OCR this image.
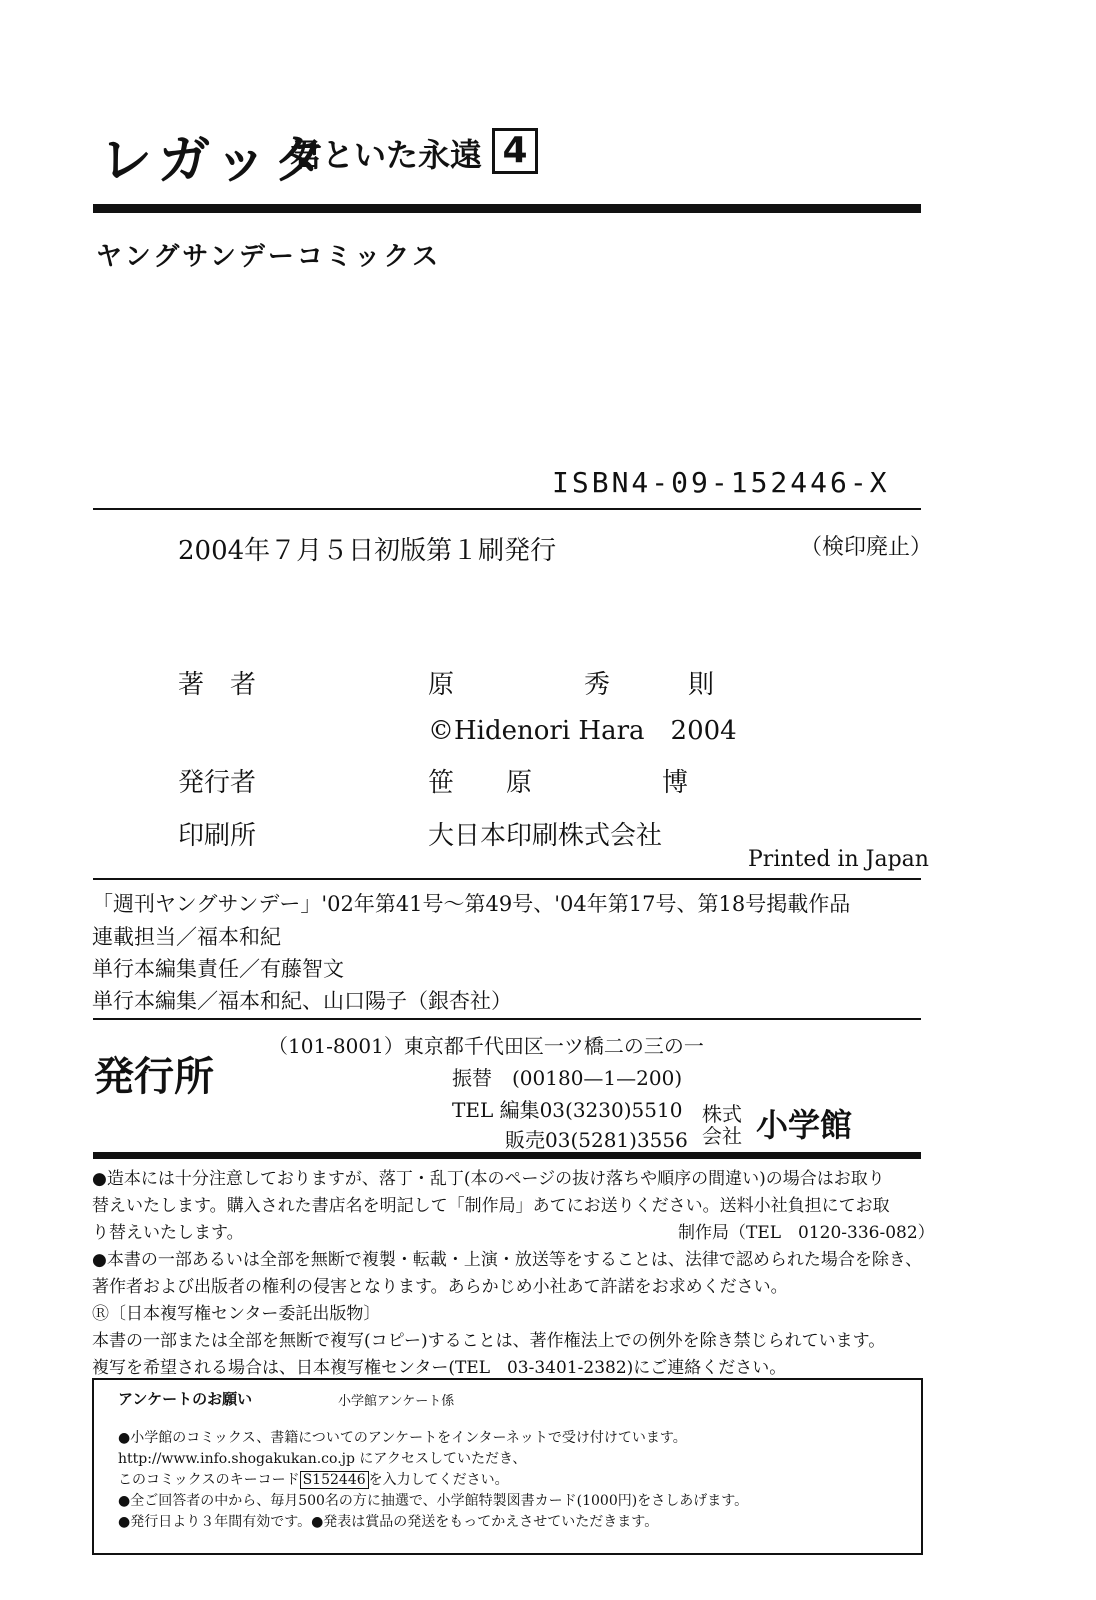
レガッタ
君といた永遠 4
ヤングサンデーコミックス
ISBN4-09-152446-X
2004年７月５日初版第１刷発行	（検印廃止）
著　者	原　　　　　秀　　　則
©Hidenori Hara　2004
発行者	笹　　原　　　　　博
印刷所	大日本印刷株式会社
Printed in Japan
「週刊ヤングサンデー」'02年第41号〜第49号、'04年第17号、第18号掲載作品
連載担当／福本和紀
単行本編集責任／有藤智文
単行本編集／福本和紀、山口陽子（銀杏社）
発行所
（101-8001）東京都千代田区一ツ橋二の三の一
振替　(00180—1—200)
TEL 編集03(3230)5510
販売03(5281)3556
株式
会社 小学館
●造本には十分注意しておりますが、落丁・乱丁(本のページの抜け落ちや順序の間違い)の場合はお取り
替えいたします。購入された書店名を明記して「制作局」あてにお送りください。送料小社負担にてお取
り替えいたします。	制作局（TEL　0120-336-082）
●本書の一部あるいは全部を無断で複製・転載・上演・放送等をすることは、法律で認められた場合を除き、
著作者および出版者の権利の侵害となります。あらかじめ小社あて許諾をお求めください。
Ⓡ〔日本複写権センター委託出版物〕
本書の一部または全部を無断で複写(コピー)することは、著作権法上での例外を除き禁じられています。
複写を希望される場合は、日本複写権センター(TEL　03-3401-2382)にご連絡ください。
アンケートのお願い	小学館アンケート係
●小学館のコミックス、書籍についてのアンケートをインターネットで受け付けています。
http://www.info.shogakukan.co.jp にアクセスしていただき、
このコミックスのキーコード S152446 を入力してください。
●全ご回答者の中から、毎月500名の方に抽選で、小学館特製図書カード(1000円)をさしあげます。
●発行日より３年間有効です。●発表は賞品の発送をもってかえさせていただきます。
